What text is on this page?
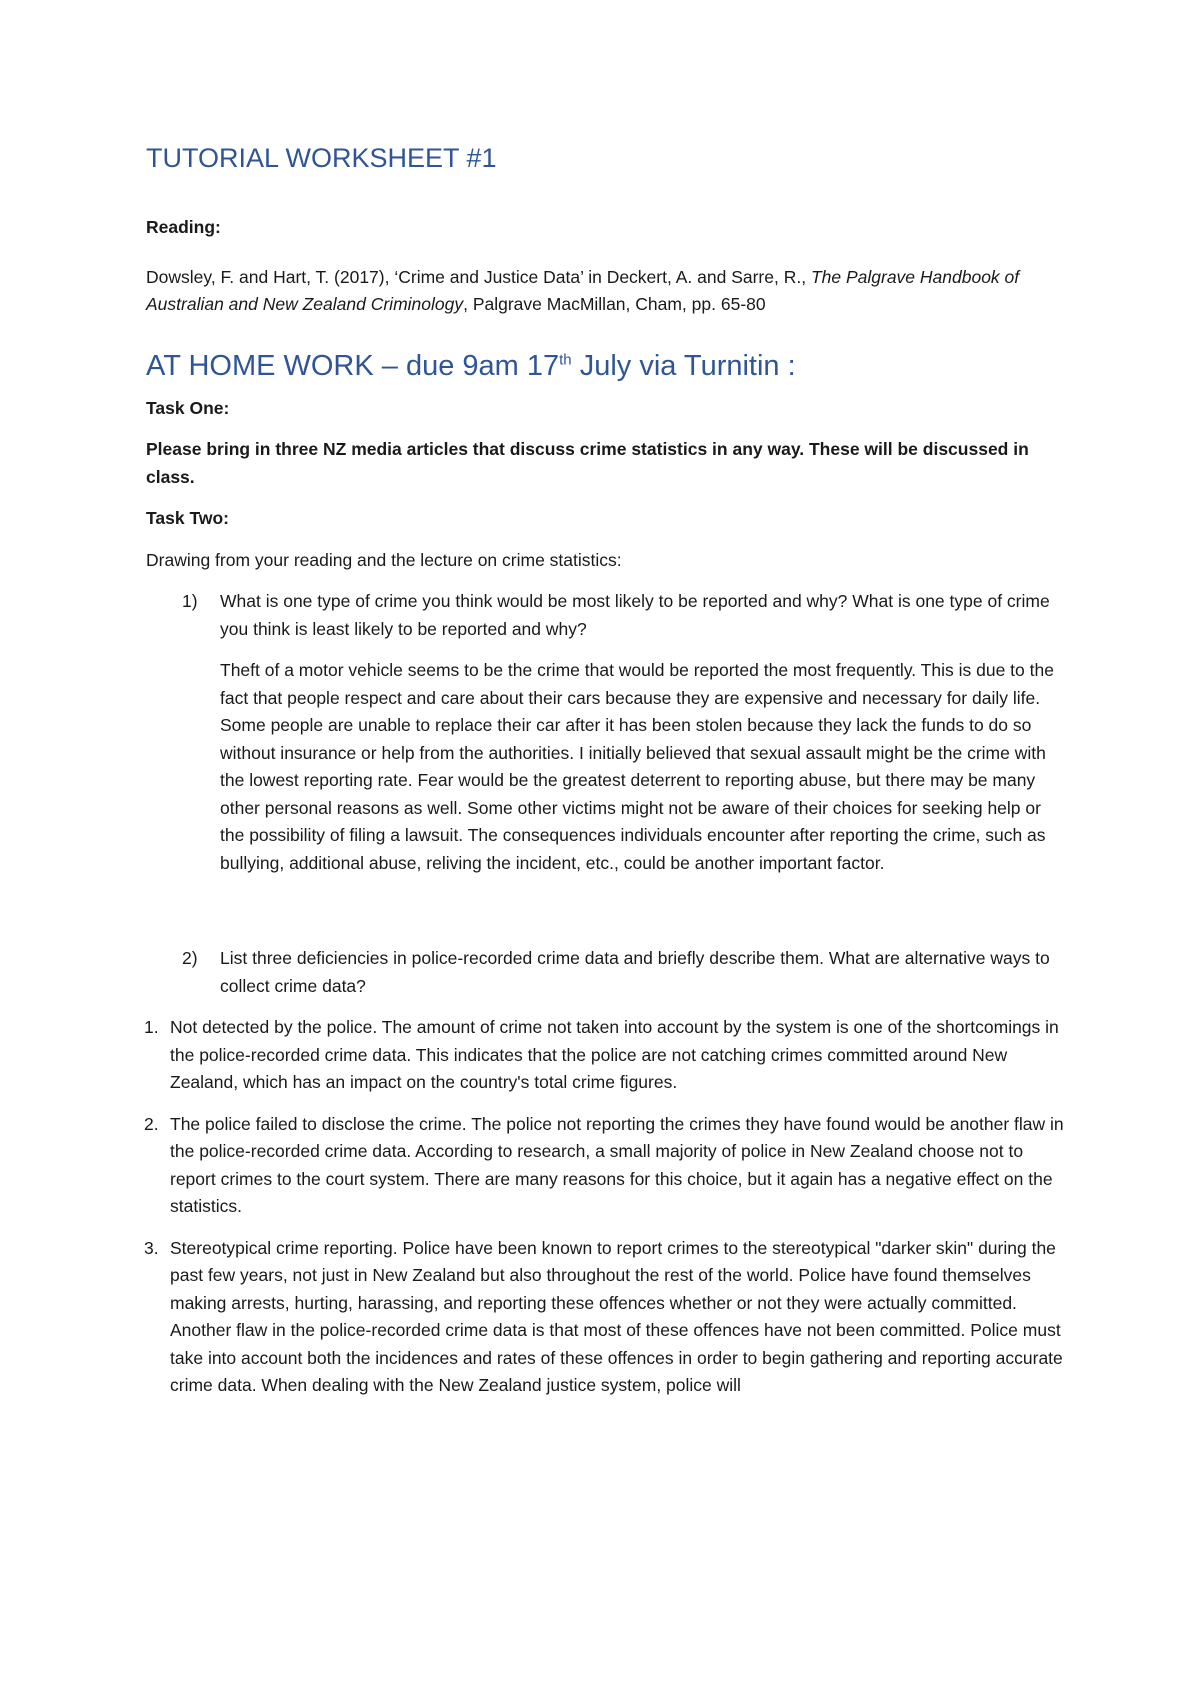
TUTORIAL WORKSHEET #1
Reading:
Dowsley, F. and Hart, T. (2017), ‘Crime and Justice Data’ in Deckert, A. and Sarre, R., The Palgrave Handbook of Australian and New Zealand Criminology, Palgrave MacMillan, Cham, pp. 65-80
AT HOME WORK – due 9am 17th July via Turnitin :
Task One:
Please bring in three NZ media articles that discuss crime statistics in any way. These will be discussed in class.
Task Two:
Drawing from your reading and the lecture on crime statistics:
1) What is one type of crime you think would be most likely to be reported and why? What is one type of crime you think is least likely to be reported and why?
Theft of a motor vehicle seems to be the crime that would be reported the most frequently. This is due to the fact that people respect and care about their cars because they are expensive and necessary for daily life. Some people are unable to replace their car after it has been stolen because they lack the funds to do so without insurance or help from the authorities. I initially believed that sexual assault might be the crime with the lowest reporting rate. Fear would be the greatest deterrent to reporting abuse, but there may be many other personal reasons as well. Some other victims might not be aware of their choices for seeking help or the possibility of filing a lawsuit. The consequences individuals encounter after reporting the crime, such as bullying, additional abuse, reliving the incident, etc., could be another important factor.
2) List three deficiencies in police-recorded crime data and briefly describe them. What are alternative ways to collect crime data?
1. Not detected by the police. The amount of crime not taken into account by the system is one of the shortcomings in the police-recorded crime data. This indicates that the police are not catching crimes committed around New Zealand, which has an impact on the country's total crime figures.
2. The police failed to disclose the crime. The police not reporting the crimes they have found would be another flaw in the police-recorded crime data. According to research, a small majority of police in New Zealand choose not to report crimes to the court system. There are many reasons for this choice, but it again has a negative effect on the statistics.
3. Stereotypical crime reporting. Police have been known to report crimes to the stereotypical "darker skin" during the past few years, not just in New Zealand but also throughout the rest of the world. Police have found themselves making arrests, hurting, harassing, and reporting these offences whether or not they were actually committed. Another flaw in the police-recorded crime data is that most of these offences have not been committed. Police must take into account both the incidences and rates of these offences in order to begin gathering and reporting accurate crime data. When dealing with the New Zealand justice system, police will
